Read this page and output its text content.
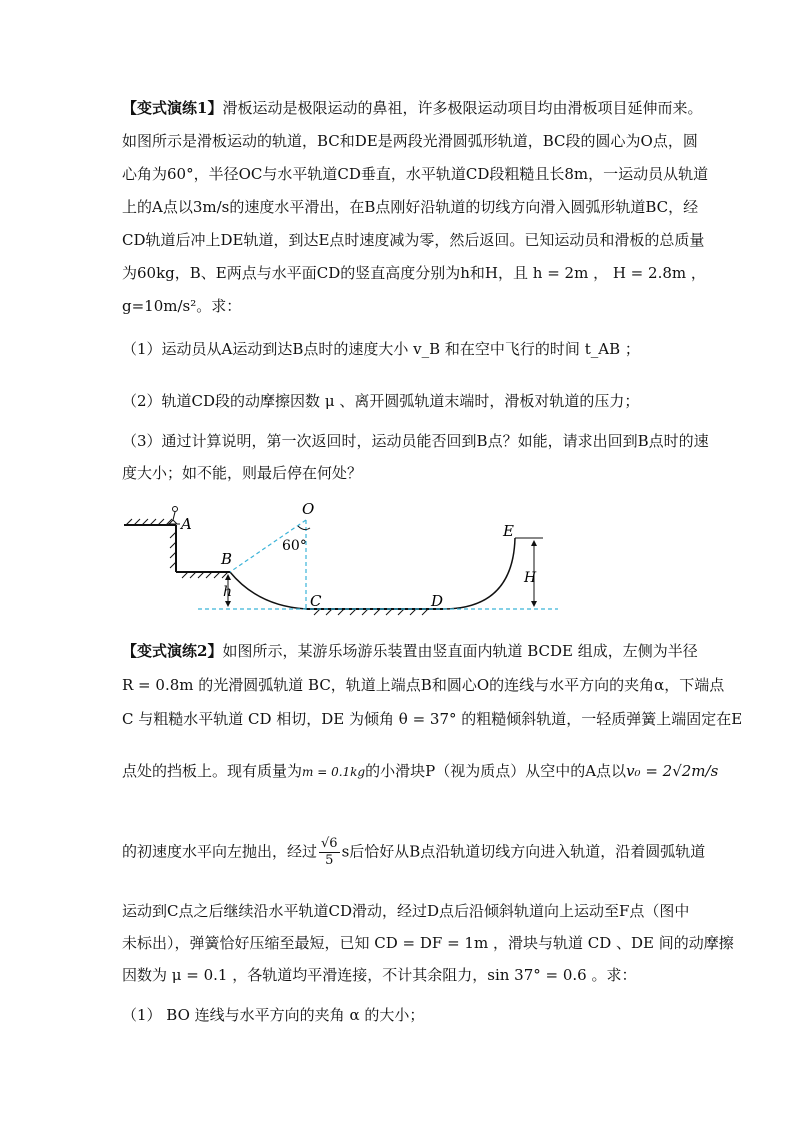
【变式演练1】滑板运动是极限运动的鼻祖，许多极限运动项目均由滑板项目延伸而来。
如图所示是滑板运动的轨道，BC和DE是两段光滑圆弧形轨道，BC段的圆心为O点，圆
心角为60°，半径OC与水平轨道CD垂直，水平轨道CD段粗糙且长8m，一运动员从轨道
上的A点以3m/s的速度水平滑出，在B点刚好沿轨道的切线方向滑入圆弧形轨道BC，经
CD轨道后冲上DE轨道，到达E点时速度减为零，然后返回。已知运动员和滑板的总质量
为60kg，B、E两点与水平面CD的竖直高度分别为h和H，且 h = 2m ， H = 2.8m ，
g=10m/s²。求：
（1）运动员从A运动到达B点时的速度大小 v_B 和在空中飞行的时间 t_AB ；
（2）轨道CD段的动摩擦因数 μ 、离开圆弧轨道末端时，滑板对轨道的压力；
（3）通过计算说明，第一次返回时，运动员能否回到B点？如能，请求出回到B点时的速
度大小；如不能，则最后停在何处？
A
B
O
60°
C	D
E
h
H
【变式演练2】如图所示，某游乐场游乐装置由竖直面内轨道 BCDE 组成，左侧为半径
R = 0.8m 的光滑圆弧轨道 BC，轨道上端点B和圆心O的连线与水平方向的夹角α，下端点
C 与粗糙水平轨道 CD 相切，DE 为倾角 θ = 37° 的粗糙倾斜轨道，一轻质弹簧上端固定在E
点处的挡板上。现有质量为m = 0.1kg的小滑块P（视为质点）从空中的A点以v₀ = 2√2m/s
的初速度水平向左抛出，经过 $\frac{√6}{5}$ s后恰好从B点沿轨道切线方向进入轨道，沿着圆弧轨道
运动到C点之后继续沿水平轨道CD滑动，经过D点后沿倾斜轨道向上运动至F点（图中
未标出），弹簧恰好压缩至最短，已知 CD = DF = 1m ，滑块与轨道 CD 、DE 间的动摩擦
因数为 μ = 0.1 ，各轨道均平滑连接，不计其余阻力，sin 37° = 0.6 。求：
（1） BO 连线与水平方向的夹角 α 的大小；
